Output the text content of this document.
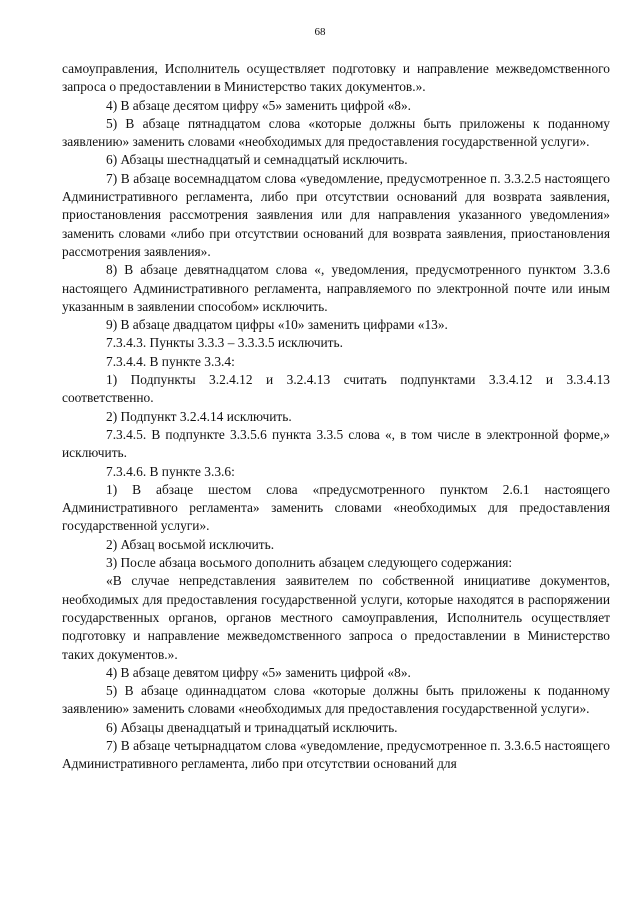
68

самоуправления, Исполнитель осуществляет подготовку и направление межведомственного запроса о предоставлении в Министерство таких документов.».

4) В абзаце десятом цифру «5» заменить цифрой «8».

5) В абзаце пятнадцатом слова «которые должны быть приложены к поданному заявлению» заменить словами «необходимых для предоставления государственной услуги».

6) Абзацы шестнадцатый и семнадцатый исключить.

7) В абзаце восемнадцатом слова «уведомление, предусмотренное п. 3.3.2.5 настоящего Административного регламента, либо при отсутствии оснований для возврата заявления, приостановления рассмотрения заявления или для направления указанного уведомления» заменить словами «либо при отсутствии оснований для возврата заявления, приостановления рассмотрения заявления».

8) В абзаце девятнадцатом слова «, уведомления, предусмотренного пунктом 3.3.6 настоящего Административного регламента, направляемого по электронной почте или иным указанным в заявлении способом» исключить.

9) В абзаце двадцатом цифры «10» заменить цифрами «13».

7.3.4.3. Пункты 3.3.3 – 3.3.3.5 исключить.

7.3.4.4. В пункте 3.3.4:

1) Подпункты 3.2.4.12 и 3.2.4.13 считать подпунктами 3.3.4.12 и 3.3.4.13 соответственно.

2) Подпункт 3.2.4.14 исключить.

7.3.4.5. В подпункте 3.3.5.6 пункта 3.3.5 слова «, в том числе в электронной форме,» исключить.

7.3.4.6. В пункте 3.3.6:

1) В абзаце шестом слова «предусмотренного пунктом 2.6.1 настоящего Административного регламента» заменить словами «необходимых для предоставления государственной услуги».

2) Абзац восьмой исключить.

3) После абзаца восьмого дополнить абзацем следующего содержания:

«В случае непредставления заявителем по собственной инициативе документов, необходимых для предоставления государственной услуги, которые находятся в распоряжении государственных органов, органов местного самоуправления, Исполнитель осуществляет подготовку и направление межведомственного запроса о предоставлении в Министерство таких документов.».

4) В абзаце девятом цифру «5» заменить цифрой «8».

5) В абзаце одиннадцатом слова «которые должны быть приложены к поданному заявлению» заменить словами «необходимых для предоставления государственной услуги».

6) Абзацы двенадцатый и тринадцатый исключить.

7) В абзаце четырнадцатом слова «уведомление, предусмотренное п. 3.3.6.5 настоящего Административного регламента, либо при отсутствии оснований для
